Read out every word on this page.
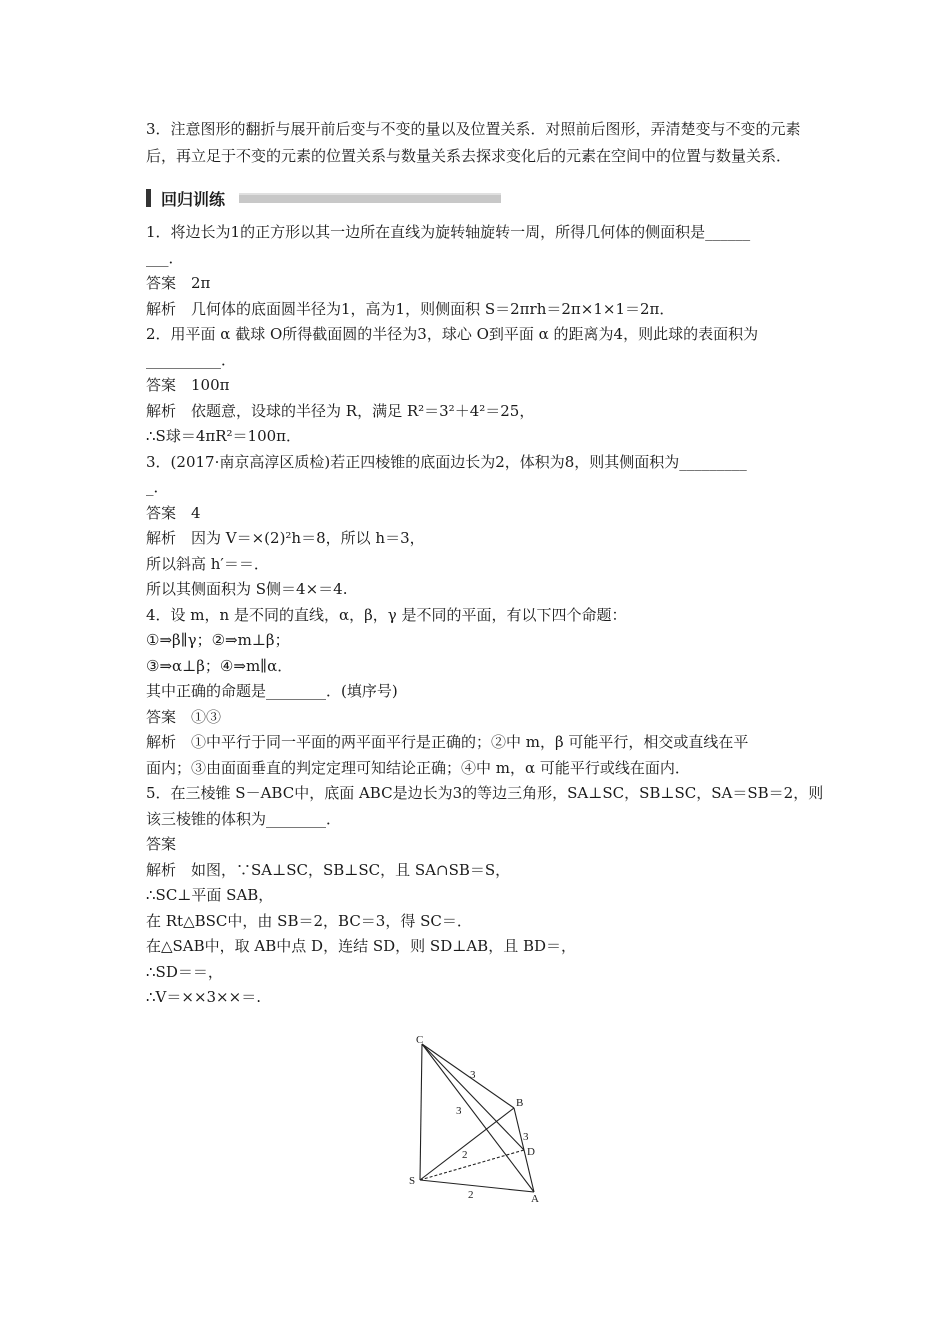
3．注意图形的翻折与展开前后变与不变的量以及位置关系．对照前后图形，弄清楚变与不变的元素后，再立足于不变的元素的位置关系与数量关系去探求变化后的元素在空间中的位置与数量关系．

回归训练

1．将边长为1的正方形以其一边所在直线为旋转轴旋转一周，所得几何体的侧面积是______

___．

答案　2π

解析　几何体的底面圆半径为1，高为1，则侧面积 S＝2πrh＝2π×1×1＝2π．

2．用平面 α 截球 O所得截面圆的半径为3，球心 O到平面 α 的距离为4，则此球的表面积为

__________．

答案　100π

解析　依题意，设球的半径为 R，满足 R²＝3²＋4²＝25，

∴S球＝4πR²＝100π．

3．(2017·南京高淳区质检)若正四棱锥的底面边长为2，体积为8，则其侧面积为_________

_．

答案　4

解析　因为 V＝×(2)²h＝8，所以 h＝3，

所以斜高 h′＝＝．

所以其侧面积为 S侧＝4×＝4.

4．设 m，n 是不同的直线，α，β，γ 是不同的平面，有以下四个命题：

①⇒β∥γ；②⇒m⊥β；

③⇒α⊥β；④⇒m∥α．

其中正确的命题是________．(填序号)

答案　①③

解析　①中平行于同一平面的两平面平行是正确的；②中 m，β 可能平行，相交或直线在平

面内；③由面面垂直的判定定理可知结论正确；④中 m，α 可能平行或线在面内．

5．在三棱锥 S－ABC中，底面 ABC是边长为3的等边三角形，SA⊥SC，SB⊥SC，SA＝SB＝2，则

该三棱锥的体积为________．

答案

解析　如图，∵SA⊥SC，SB⊥SC，且 SA∩SB＝S，

∴SC⊥平面 SAB，

在 Rt△BSC中，由 SB＝2，BC＝3，得 SC＝．

在△SAB中，取 AB中点 D，连结 SD，则 SD⊥AB，且 BD＝，

∴SD＝＝，

∴V＝××3××＝.

C
B
D
S
A
3
3
3
2
2
